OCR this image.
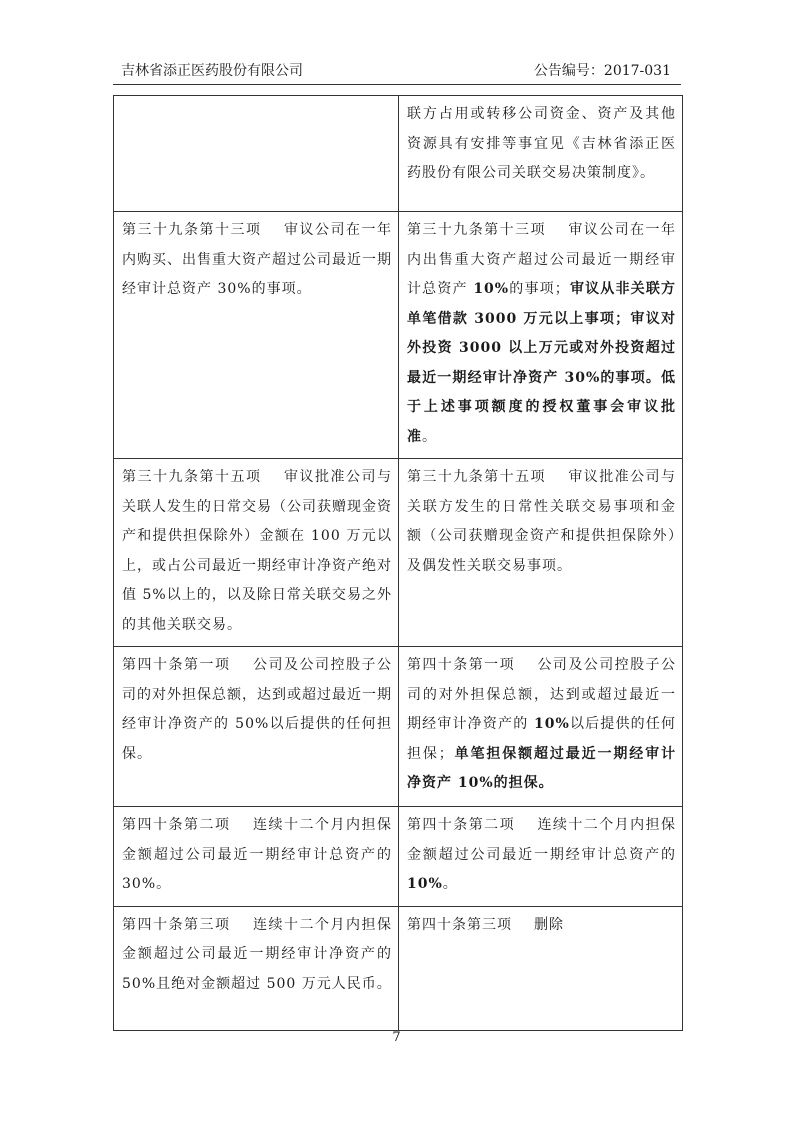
吉林省添正医药股份有限公司	公告编号：2017-031
	联方占用或转移公司资金、资产及其他资源具有安排等事宜见《吉林省添正医药股份有限公司关联交易决策制度》。
第三十九条第十三项 审议公司在一年内购买、出售重大资产超过公司最近一期经审计总资产 30%的事项。	第三十九条第十三项 审议公司在一年内出售重大资产超过公司最近一期经审计总资产 10%的事项；审议从非关联方单笔借款 3000 万元以上事项；审议对外投资 3000 以上万元或对外投资超过最近一期经审计净资产 30%的事项。低于上述事项额度的授权董事会审议批准。
第三十九条第十五项 审议批准公司与关联人发生的日常交易（公司获赠现金资产和提供担保除外）金额在 100 万元以上，或占公司最近一期经审计净资产绝对值 5%以上的，以及除日常关联交易之外的其他关联交易。	第三十九条第十五项 审议批准公司与关联方发生的日常性关联交易事项和金额（公司获赠现金资产和提供担保除外）及偶发性关联交易事项。
第四十条第一项 公司及公司控股子公司的对外担保总额，达到或超过最近一期经审计净资产的 50%以后提供的任何担保。	第四十条第一项 公司及公司控股子公司的对外担保总额，达到或超过最近一期经审计净资产的 10%以后提供的任何担保；单笔担保额超过最近一期经审计净资产 10%的担保。
第四十条第二项 连续十二个月内担保金额超过公司最近一期经审计总资产的 30%。	第四十条第二项 连续十二个月内担保金额超过公司最近一期经审计总资产的 10%。
第四十条第三项 连续十二个月内担保金额超过公司最近一期经审计净资产的 50%且绝对金额超过 500 万元人民币。	第四十条第三项 删除
7
